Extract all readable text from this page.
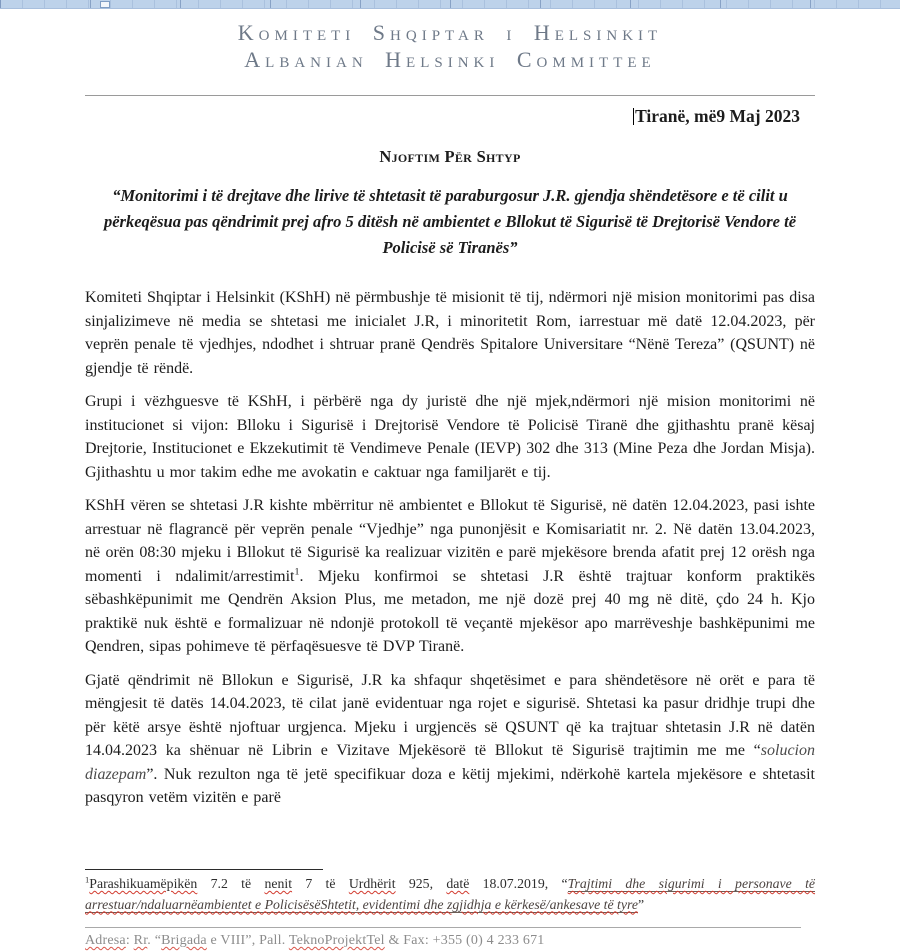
Komiteti Shqiptar i Helsinkit
Albanian Helsinki Committee
Tiranë, më9 Maj 2023
Njoftim Për Shtyp
“Monitorimi i të drejtave dhe lirive të shtetasit të paraburgosur J.R. gjendja shëndetësore e të cilit u përkeqësua pas qëndrimit prej afro 5 ditësh në ambientet e Bllokut të Sigurisë të Drejtorisë Vendore të Policisë së Tiranës”

Komiteti Shqiptar i Helsinkit (KShH) në përmbushje të misionit të tij, ndërmori një mision monitorimi pas disa sinjalizimeve në media se shtetasi me inicialet J.R, i minoritetit Rom, iarrestuar më datë 12.04.2023, për veprën penale të vjedhjes, ndodhet i shtruar pranë Qendrës Spitalore Universitare “Nënë Tereza” (QSUNT) në gjendje të rëndë.

Grupi i vëzhguesve të KShH, i përbërë nga dy juristë dhe një mjek,ndërmori një mision monitorimi në institucionet si vijon: Blloku i Sigurisë i Drejtorisë Vendore të Policisë Tiranë dhe gjithashtu pranë kësaj Drejtorie, Institucionet e Ekzekutimit të Vendimeve Penale (IEVP) 302 dhe 313 (Mine Peza dhe Jordan Misja). Gjithashtu u mor takim edhe me avokatin e caktuar nga familjarët e tij.

KShH vëren se shtetasi J.R kishte mbërritur në ambientet e Bllokut të Sigurisë, në datën 12.04.2023, pasi ishte arrestuar në flagrancë për veprën penale “Vjedhje” nga punonjësit e Komisariatit nr. 2. Në datën 13.04.2023, në orën 08:30 mjeku i Bllokut të Sigurisë ka realizuar vizitën e parë mjekësore brenda afatit prej 12 orësh nga momenti i ndalimit/arrestimit$^1$. Mjeku konfirmoi se shtetasi J.R është trajtuar konform praktikës sëbashkëpunimit me Qendrën Aksion Plus, me metadon, me një dozë prej 40 mg në ditë, çdo 24 h. Kjo praktikë nuk është e formalizuar në ndonjë protokoll të veçantë mjekësor apo marrëveshje bashkëpunimi me Qendren, sipas pohimeve të përfaqësuesve të DVP Tiranë.

Gjatë qëndrimit në Bllokun e Sigurisë, J.R ka shfaqur shqetësimet e para shëndetësore në orët e para të mëngjesit të datës 14.04.2023, të cilat janë evidentuar nga rojet e sigurisë. Shtetasi ka pasur dridhje trupi dhe për këtë arsye është njoftuar urgjenca. Mjeku i urgjencës së QSUNT që ka trajtuar shtetasin J.R në datën 14.04.2023 ka shënuar në Librin e Vizitave Mjekësorë të Bllokut të Sigurisë trajtimin me me “solucion diazepam”. Nuk rezulton nga të jetë specifikuar doza e këtij mjekimi, ndërkohë kartela mjekësore e shtetasit pasqyron vetëm vizitën e parë

$^1$Parashikuamëpikën 7.2 të nenit 7 të Urdhërit 925, datë 18.07.2019, “Trajtimi dhe sigurimi i personave të arrestuar/ndaluarnëambientet e PolicisësëShtetit, evidentimi dhe zgjidhja e kërkesë/ankesave të tyre”
Adresa: Rr. “Brigada e VIII”, Pall. TeknoProjektTel & Fax: +355 (0) 4 233 671
